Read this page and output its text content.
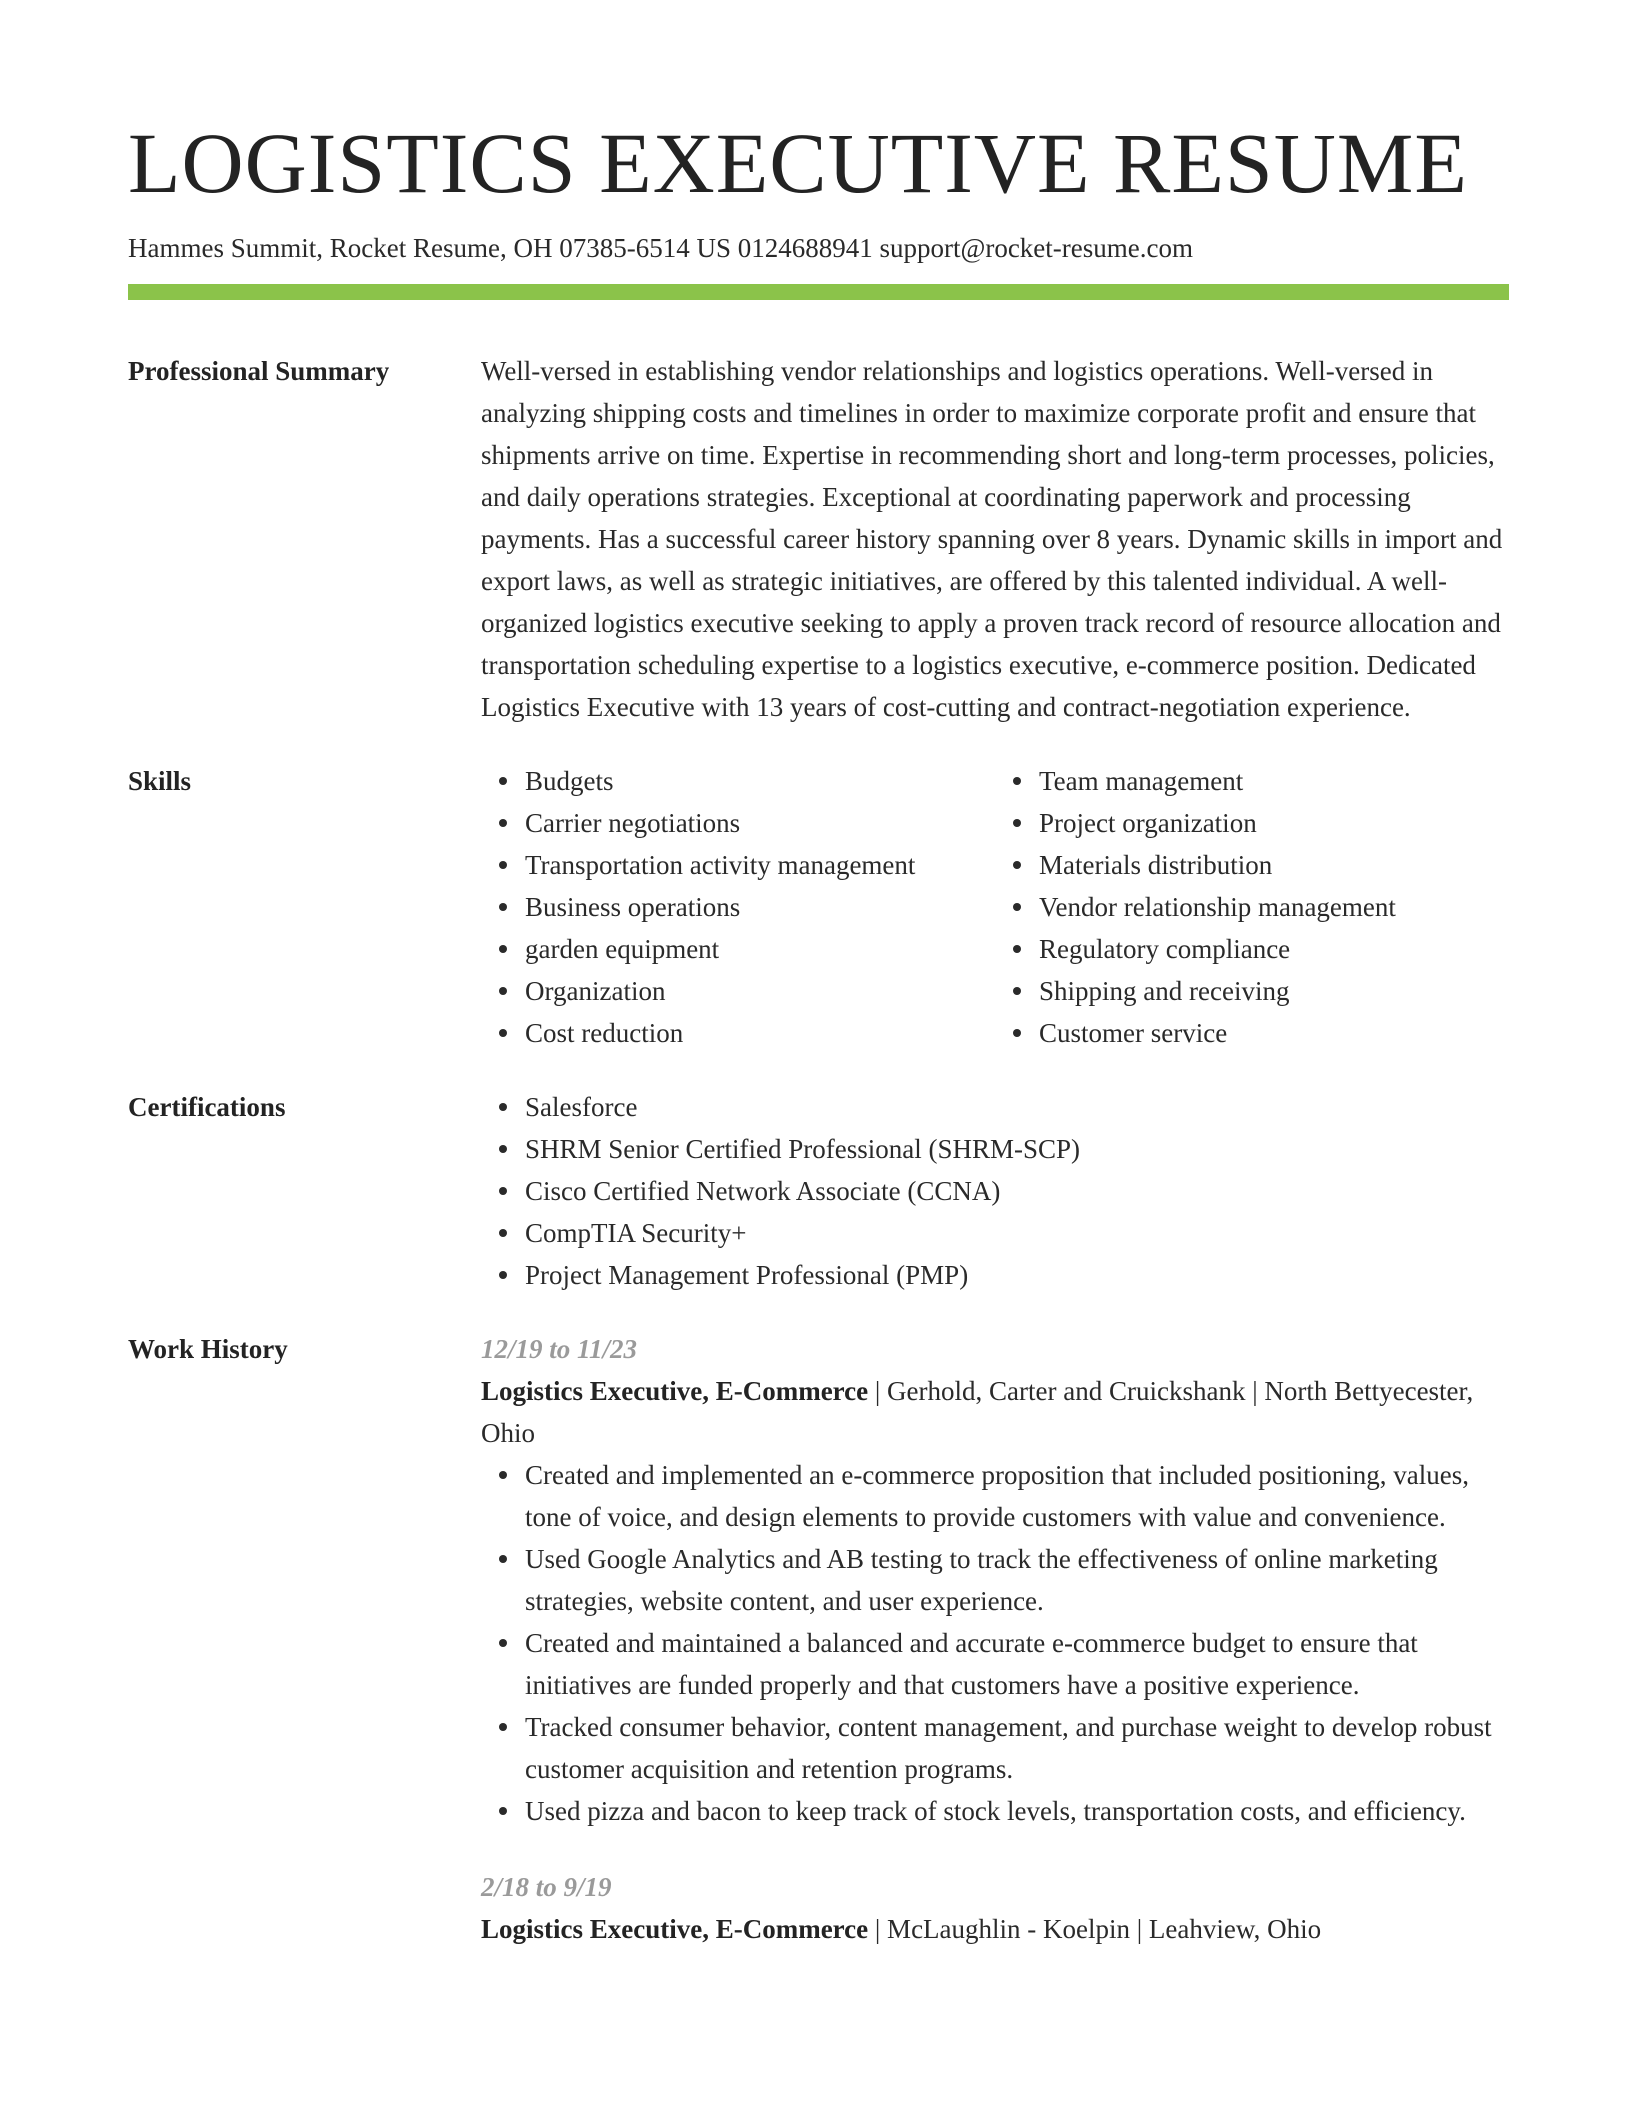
LOGISTICS EXECUTIVE RESUME
Hammes Summit, Rocket Resume, OH 07385-6514 US 0124688941 support@rocket-resume.com
Professional Summary	Well-versed in establishing vendor relationships and logistics operations. Well-versed in analyzing shipping costs and timelines in order to maximize corporate profit and ensure that shipments arrive on time. Expertise in recommending short and long-term processes, policies, and daily operations strategies. Exceptional at coordinating paperwork and processing payments. Has a successful career history spanning over 8 years. Dynamic skills in import and export laws, as well as strategic initiatives, are offered by this talented individual. A well-organized logistics executive seeking to apply a proven track record of resource allocation and transportation scheduling expertise to a logistics executive, e-commerce position. Dedicated Logistics Executive with 13 years of cost-cutting and contract-negotiation experience.
Skills	Budgets
Carrier negotiations
Transportation activity management
Business operations
garden equipment
Organization
Cost reduction
Team management
Project organization
Materials distribution
Vendor relationship management
Regulatory compliance
Shipping and receiving
Customer service
Certifications	Salesforce
SHRM Senior Certified Professional (SHRM-SCP)
Cisco Certified Network Associate (CCNA)
CompTIA Security+
Project Management Professional (PMP)
Work History	12/19 to 11/23
Logistics Executive, E-Commerce | Gerhold, Carter and Cruickshank | North Bettyecester, Ohio
Created and implemented an e-commerce proposition that included positioning, values, tone of voice, and design elements to provide customers with value and convenience.
Used Google Analytics and AB testing to track the effectiveness of online marketing strategies, website content, and user experience.
Created and maintained a balanced and accurate e-commerce budget to ensure that initiatives are funded properly and that customers have a positive experience.
Tracked consumer behavior, content management, and purchase weight to develop robust customer acquisition and retention programs.
Used pizza and bacon to keep track of stock levels, transportation costs, and efficiency.
2/18 to 9/19
Logistics Executive, E-Commerce | McLaughlin - Koelpin | Leahview, Ohio
